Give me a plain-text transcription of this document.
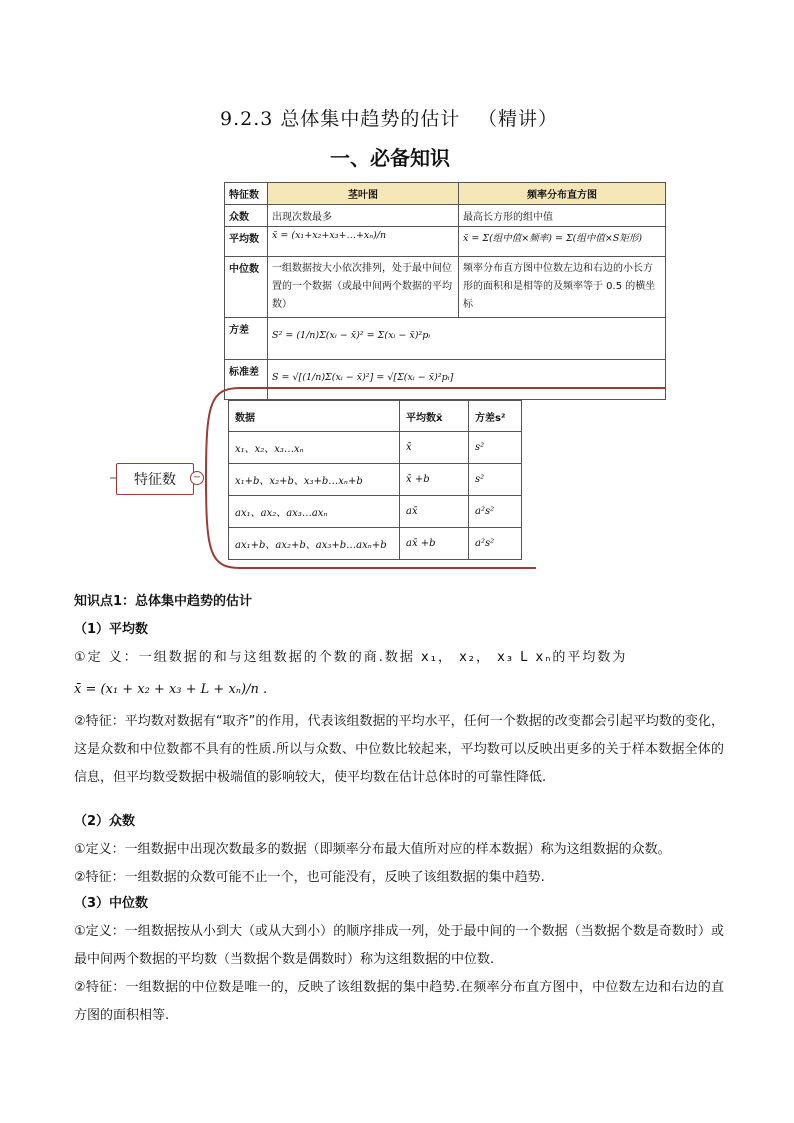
9.2.3 总体集中趋势的估计 （精讲）
一、必备知识
特征数	茎叶图	频率分布直方图
众数	出现次数最多	最高长方形的组中值
平均数	x̄ = (x₁+x₂+x₃+…+xₙ)/n	x̄ = Σ(组中值×频率) = Σ(组中值×S矩形)
中位数	一组数据按大小依次排列，处于最中间位置的一个数据（或最中间两个数据的平均数）	频率分布直方图中位数左边和右边的小长方形的面积和是相等的及频率等于 0.5 的横坐标
方差	S² = (1/n)Σ(xᵢ − x̄)² = Σ(xᵢ − x̄)²pᵢ	
标准差	S = √[(1/n)Σ(xᵢ − x̄)²] = √[Σ(xᵢ − x̄)²pᵢ]	
特征数	−
数据	平均数x̄	方差s²
x₁、x₂、x₃…xₙ	x̄	s²
x₁+b、x₂+b、x₃+b…xₙ+b	x̄ +b	s²
ax₁、ax₂、ax₃…axₙ	ax̄	a²s²
ax₁+b、ax₂+b、ax₃+b…axₙ+b	ax̄ +b	a²s²
知识点1：总体集中趋势的估计
（1）平均数
①定 义：一组数据的和与这组数据的个数的商.数据 x₁， x₂， x₃ L xₙ的平均数为
x̄ = (x₁ + x₂ + x₃ + L + xₙ)/n .
②特征：平均数对数据有“取齐”的作用，代表该组数据的平均水平，任何一个数据的改变都会引起平均数的变化，这是众数和中位数都不具有的性质.所以与众数、中位数比较起来，平均数可以反映出更多的关于样本数据全体的信息，但平均数受数据中极端值的影响较大，使平均数在估计总体时的可靠性降低.
（2）众数
①定义：一组数据中出现次数最多的数据（即频率分布最大值所对应的样本数据）称为这组数据的众数。
②特征：一组数据的众数可能不止一个，也可能没有，反映了该组数据的集中趋势.
（3）中位数
①定义：一组数据按从小到大（或从大到小）的顺序排成一列，处于最中间的一个数据（当数据个数是奇数时）或最中间两个数据的平均数（当数据个数是偶数时）称为这组数据的中位数.
②特征：一组数据的中位数是唯一的，反映了该组数据的集中趋势.在频率分布直方图中，中位数左边和右边的直方图的面积相等.
